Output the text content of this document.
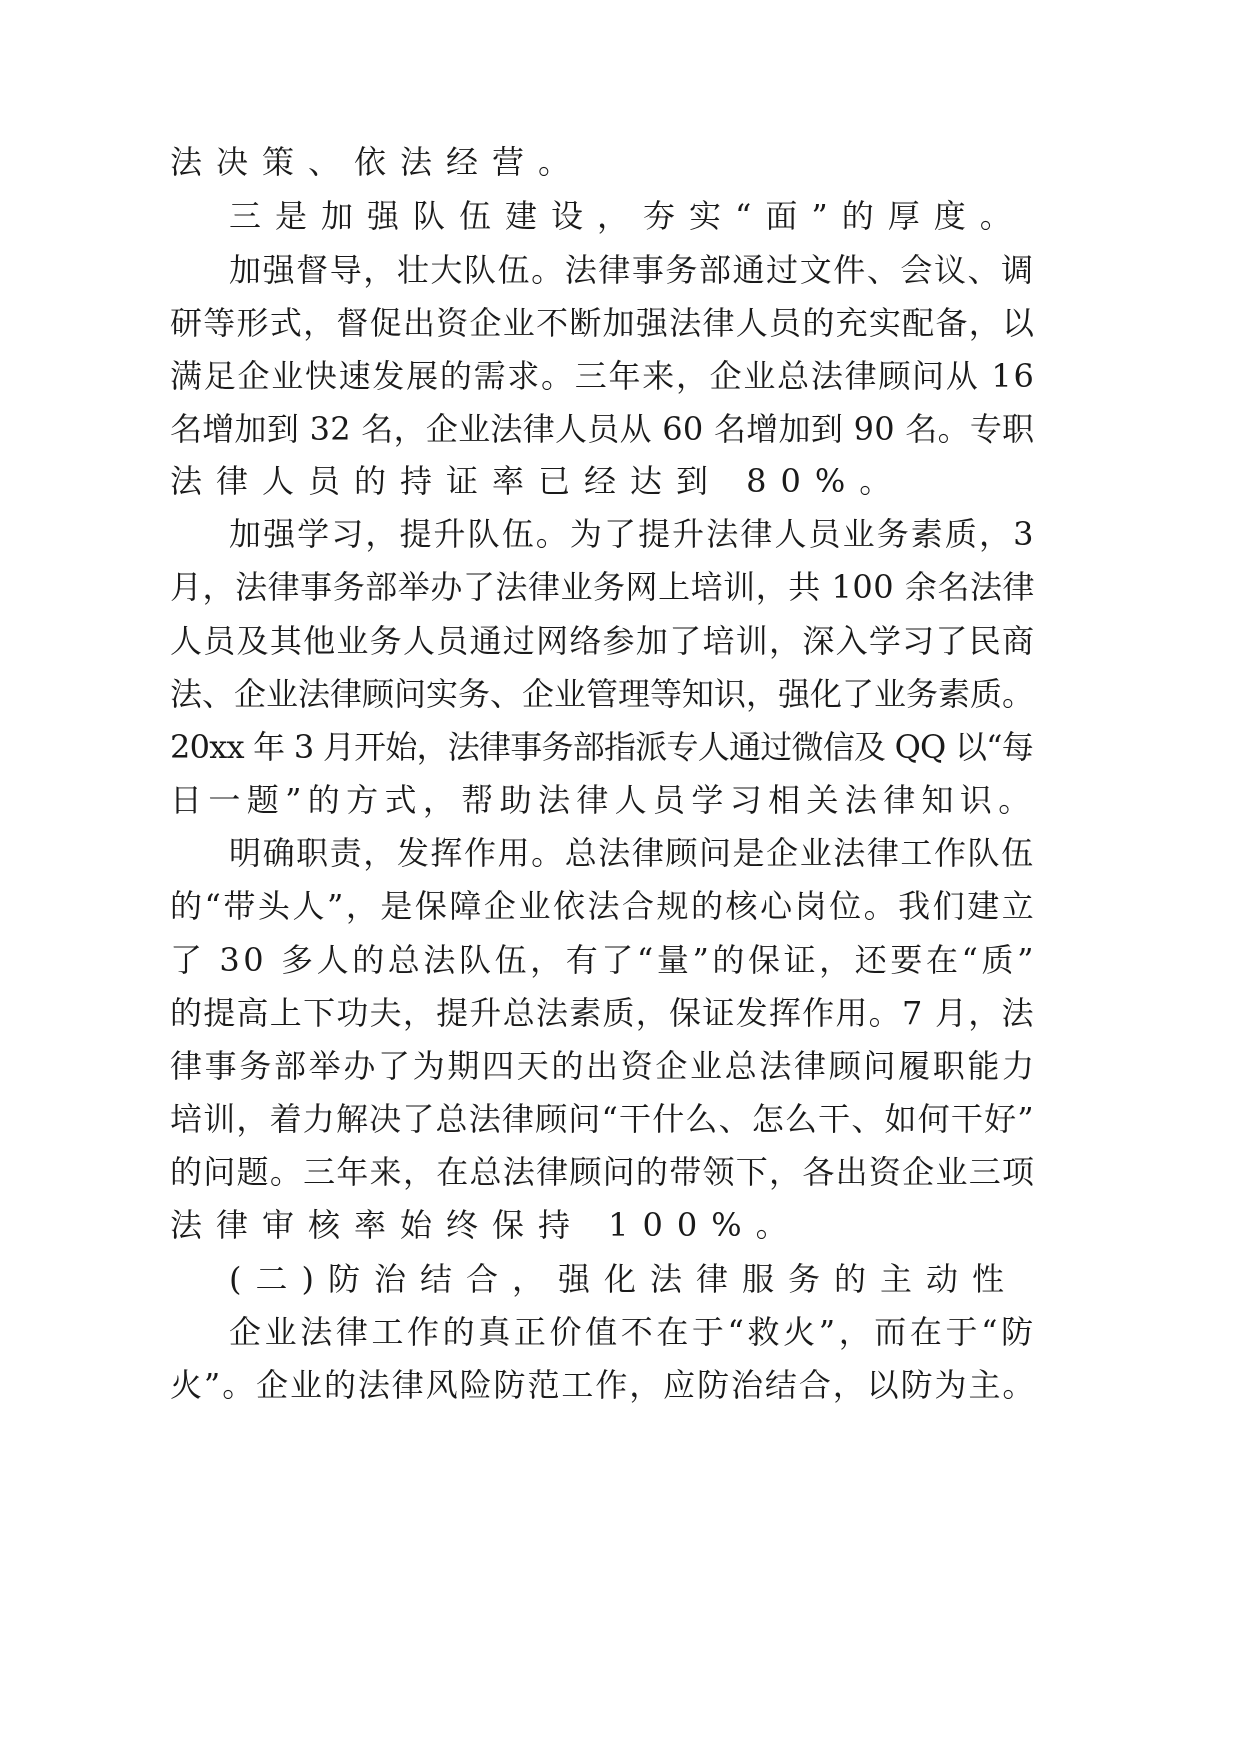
法决策、依法经营。

三是加强队伍建设，夯实“面”的厚度。

加强督导，壮大队伍。法律事务部通过文件、会议、调

研等形式，督促出资企业不断加强法律人员的充实配备，以

满足企业快速发展的需求。三年来，企业总法律顾问从 16

名增加到 32 名，企业法律人员从 60 名增加到 90 名。专职

法律人员的持证率已经达到 80%。

加强学习，提升队伍。为了提升法律人员业务素质，3

月，法律事务部举办了法律业务网上培训，共 100 余名法律

人员及其他业务人员通过网络参加了培训，深入学习了民商

法、企业法律顾问实务、企业管理等知识，强化了业务素质。

20xx 年 3 月开始，法律事务部指派专人通过微信及 QQ 以“每

日一题”的方式，帮助法律人员学习相关法律知识。

明确职责，发挥作用。总法律顾问是企业法律工作队伍

的“带头人”，是保障企业依法合规的核心岗位。我们建立

了 30 多人的总法队伍，有了“量”的保证，还要在“质”

的提高上下功夫，提升总法素质，保证发挥作用。7 月，法

律事务部举办了为期四天的出资企业总法律顾问履职能力

培训，着力解决了总法律顾问“干什么、怎么干、如何干好”

的问题。三年来，在总法律顾问的带领下，各出资企业三项

法律审核率始终保持 100%。

(二)防治结合，强化法律服务的主动性

企业法律工作的真正价值不在于“救火”，而在于“防

火”。企业的法律风险防范工作，应防治结合，以防为主。
